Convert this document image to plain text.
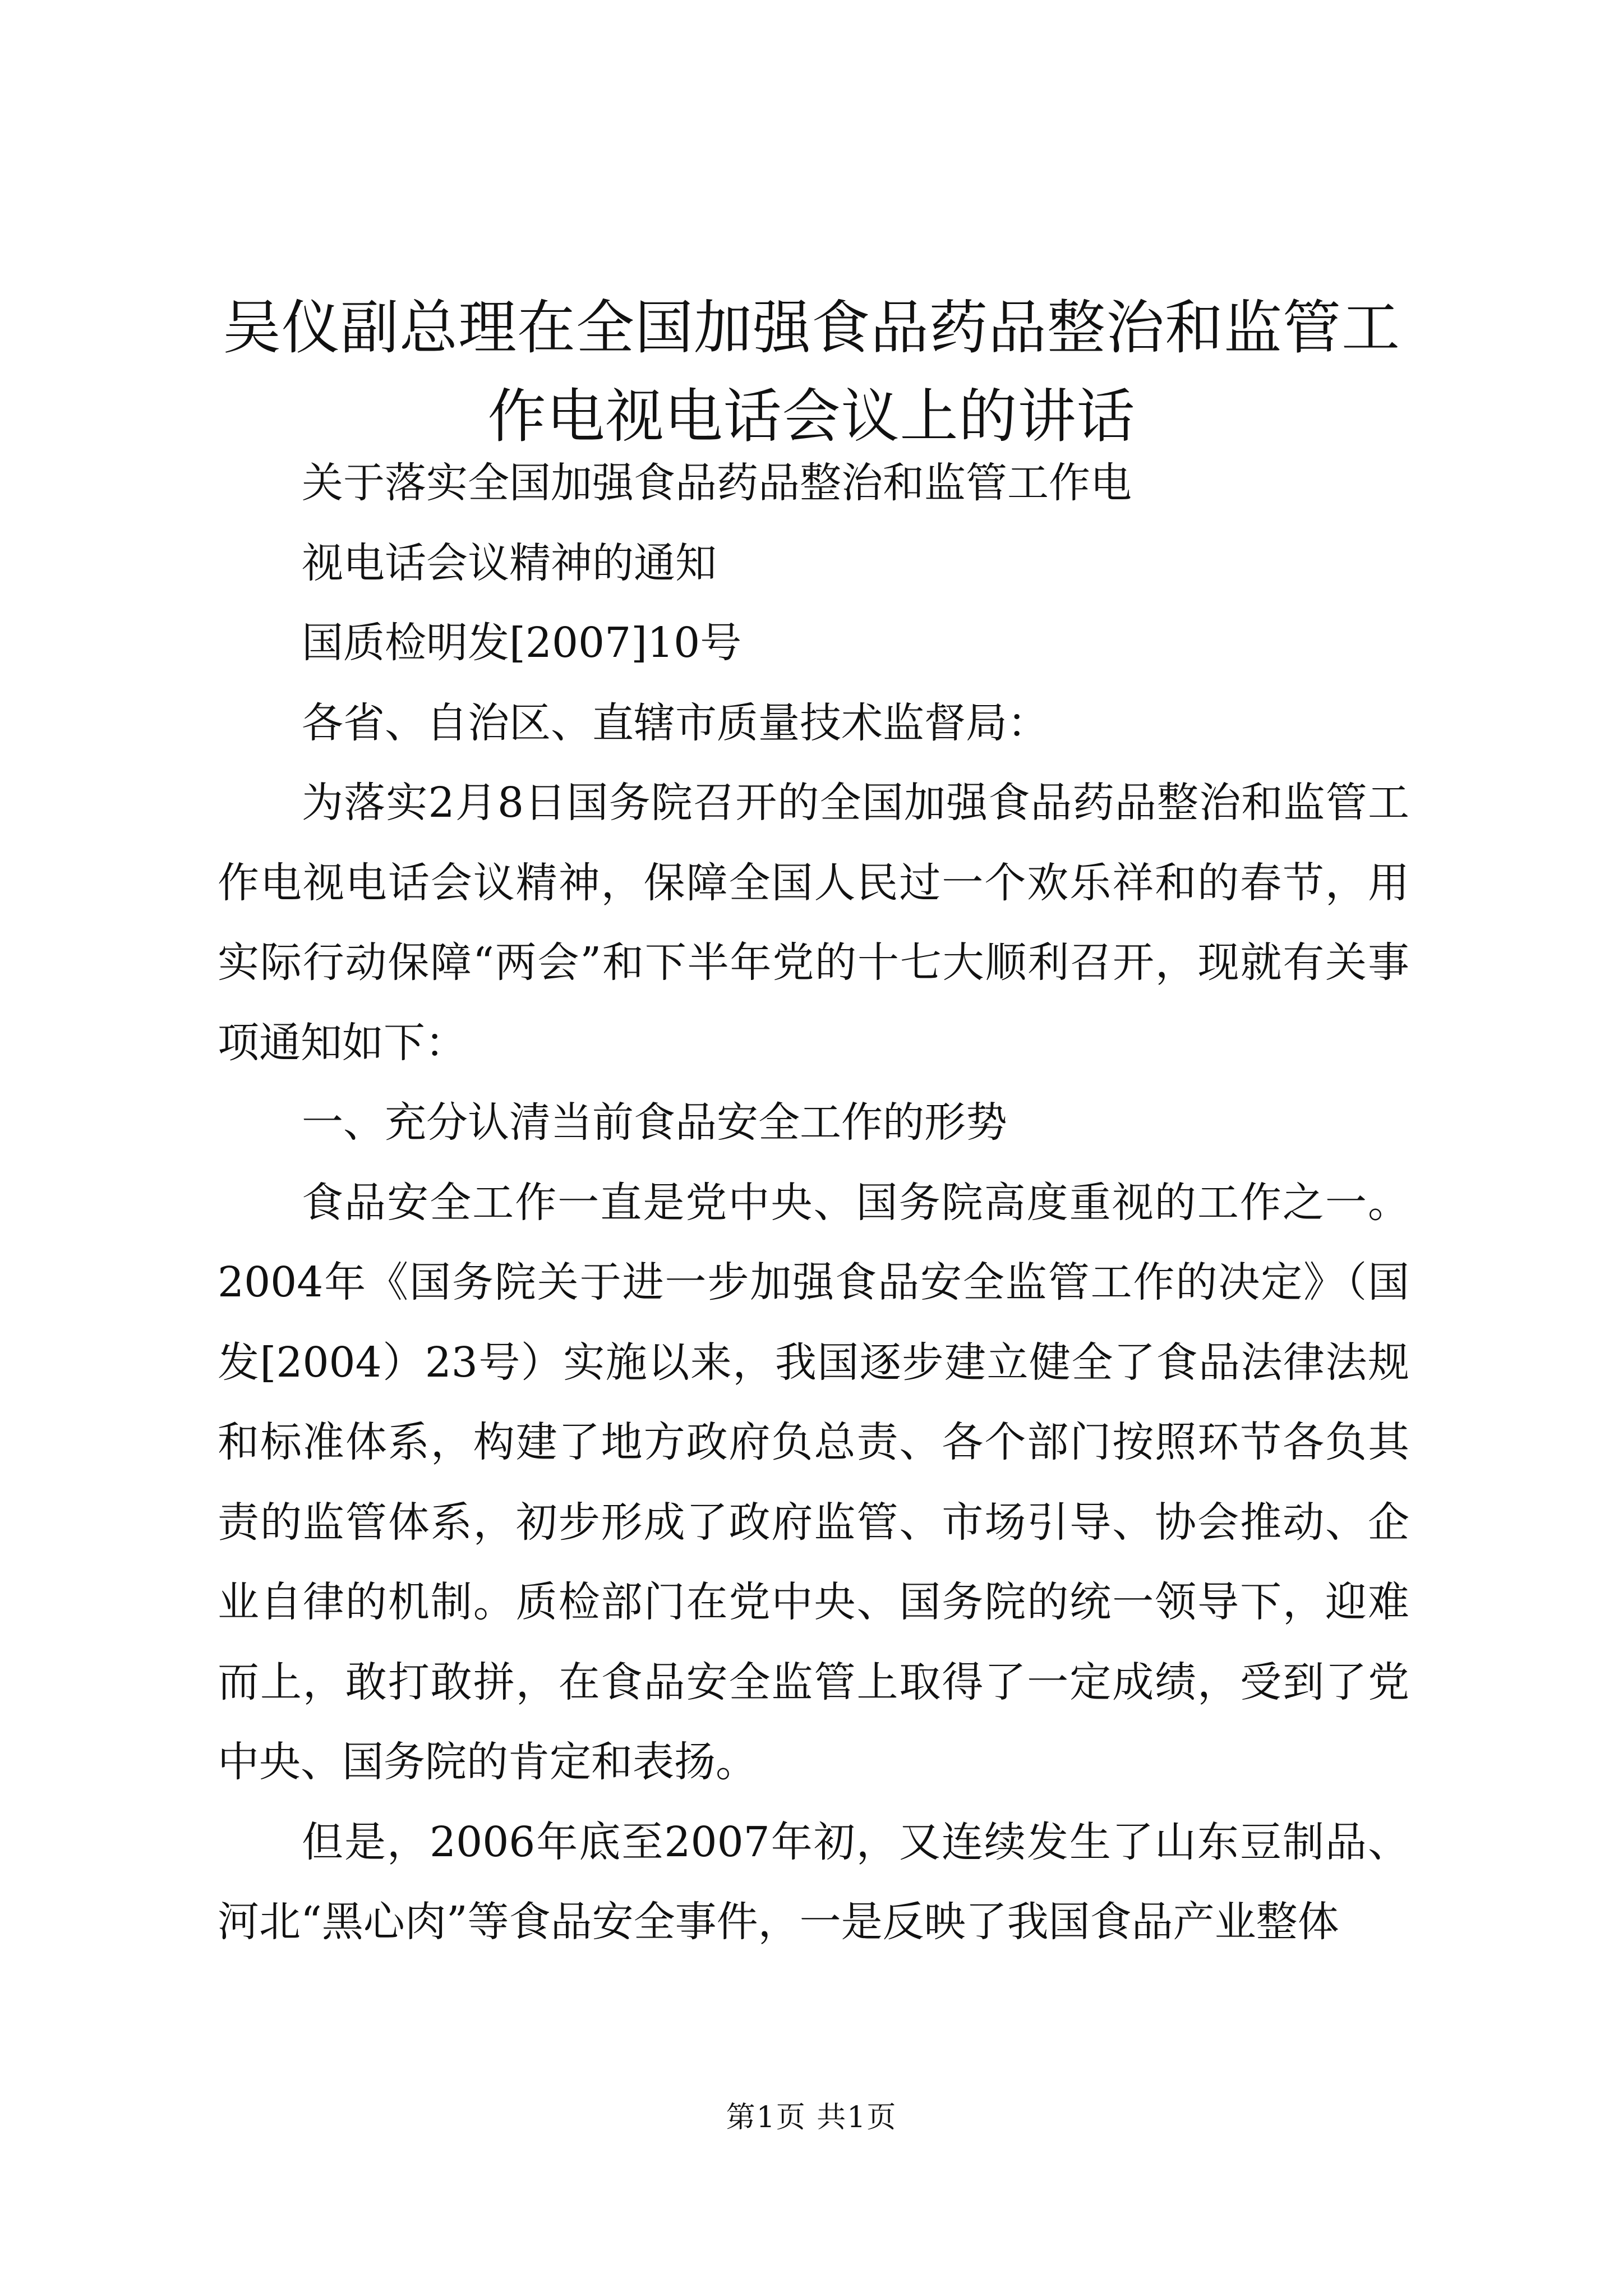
吴仪副总理在全国加强食品药品整治和监管工作电视电话会议上的讲话

关于落实全国加强食品药品整治和监管工作电

视电话会议精神的通知

国质检明发[2007]10号

各省、自治区、直辖市质量技术监督局：

为落实2月8日国务院召开的全国加强食品药品整治和监管工作电视电话会议精神，保障全国人民过一个欢乐祥和的春节，用实际行动保障“两会”和下半年党的十七大顺利召开，现就有关事项通知如下：

一、充分认清当前食品安全工作的形势

食品安全工作一直是党中央、国务院高度重视的工作之一。2004年《国务院关于进一步加强食品安全监管工作的决定》（国发[2004）23号）实施以来，我国逐步建立健全了食品法律法规和标准体系，构建了地方政府负总责、各个部门按照环节各负其责的监管体系，初步形成了政府监管、市场引导、协会推动、企业自律的机制。质检部门在党中央、国务院的统一领导下，迎难而上，敢打敢拼，在食品安全监管上取得了一定成绩，受到了党中央、国务院的肯定和表扬。

但是，2006年底至2007年初，又连续发生了山东豆制品、河北“黑心肉”等食品安全事件，一是反映了我国食品产业整体

第1页 共1页
